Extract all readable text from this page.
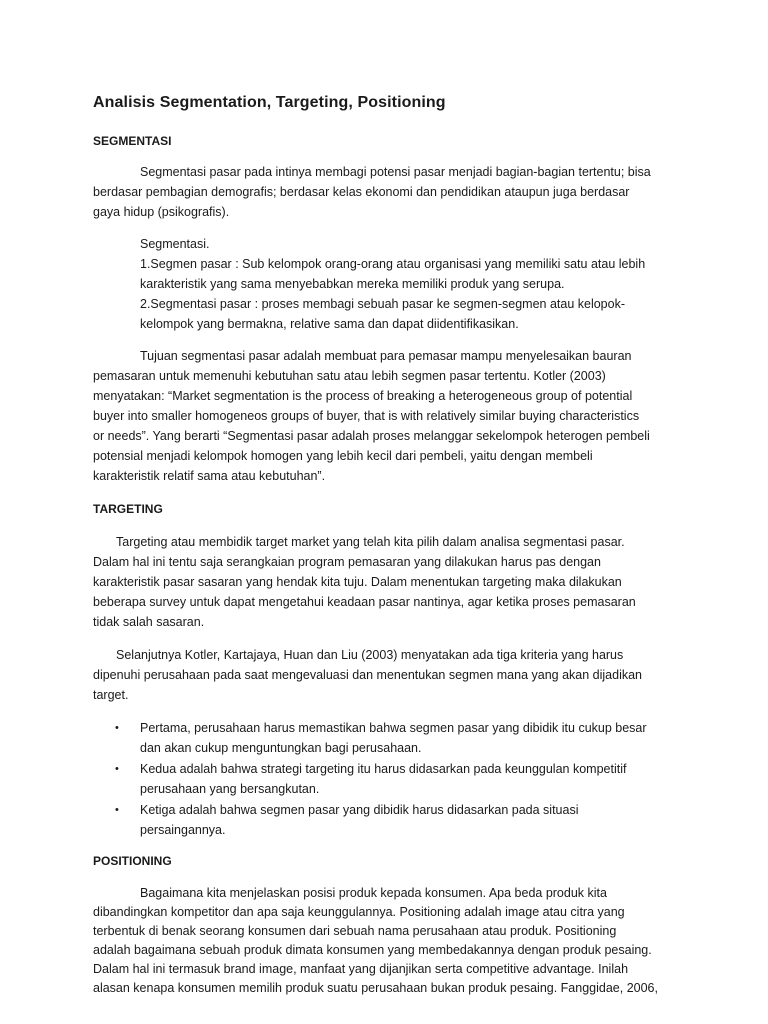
Analisis Segmentation, Targeting, Positioning
SEGMENTASI
Segmentasi pasar pada intinya membagi potensi pasar menjadi bagian-bagian tertentu; bisa
berdasar pembagian demografis; berdasar kelas ekonomi dan pendidikan ataupun juga berdasar
gaya hidup (psikografis).
Segmentasi.
1.Segmen pasar : Sub kelompok orang-orang atau organisasi yang memiliki satu atau lebih
karakteristik yang sama menyebabkan mereka memiliki produk yang serupa.
2.Segmentasi pasar : proses membagi sebuah pasar ke segmen-segmen atau kelopok-
kelompok yang bermakna, relative sama dan dapat diidentifikasikan.
Tujuan segmentasi pasar adalah membuat para pemasar mampu menyelesaikan bauran
pemasaran untuk memenuhi kebutuhan satu atau lebih segmen pasar tertentu. Kotler (2003)
menyatakan: “Market segmentation is the process of breaking a heterogeneous group of potential
buyer into smaller homogeneos groups of buyer, that is with relatively similar buying characteristics
or needs”. Yang berarti “Segmentasi pasar adalah proses melanggar sekelompok heterogen pembeli
potensial menjadi kelompok homogen yang lebih kecil dari pembeli, yaitu dengan membeli
karakteristik relatif sama atau kebutuhan”.
TARGETING
Targeting atau membidik target market yang telah kita pilih dalam analisa segmentasi pasar.
Dalam hal ini tentu saja serangkaian program pemasaran yang dilakukan harus pas dengan
karakteristik pasar sasaran yang hendak kita tuju. Dalam menentukan targeting maka dilakukan
beberapa survey untuk dapat mengetahui keadaan pasar nantinya, agar ketika proses pemasaran
tidak salah sasaran.
Selanjutnya Kotler, Kartajaya, Huan dan Liu (2003) menyatakan ada tiga kriteria yang harus
dipenuhi perusahaan pada saat mengevaluasi dan menentukan segmen mana yang akan dijadikan
target.
• Pertama, perusahaan harus memastikan bahwa segmen pasar yang dibidik itu cukup besar
dan akan cukup menguntungkan bagi perusahaan.
• Kedua adalah bahwa strategi targeting itu harus didasarkan pada keunggulan kompetitif
perusahaan yang bersangkutan.
• Ketiga adalah bahwa segmen pasar yang dibidik harus didasarkan pada situasi
persaingannya.
POSITIONING
Bagaimana kita menjelaskan posisi produk kepada konsumen. Apa beda produk kita
dibandingkan kompetitor dan apa saja keunggulannya. Positioning adalah image atau citra yang
terbentuk di benak seorang konsumen dari sebuah nama perusahaan atau produk. Positioning
adalah bagaimana sebuah produk dimata konsumen yang membedakannya dengan produk pesaing.
Dalam hal ini termasuk brand image, manfaat yang dijanjikan serta competitive advantage. Inilah
alasan kenapa konsumen memilih produk suatu perusahaan bukan produk pesaing. Fanggidae, 2006,
